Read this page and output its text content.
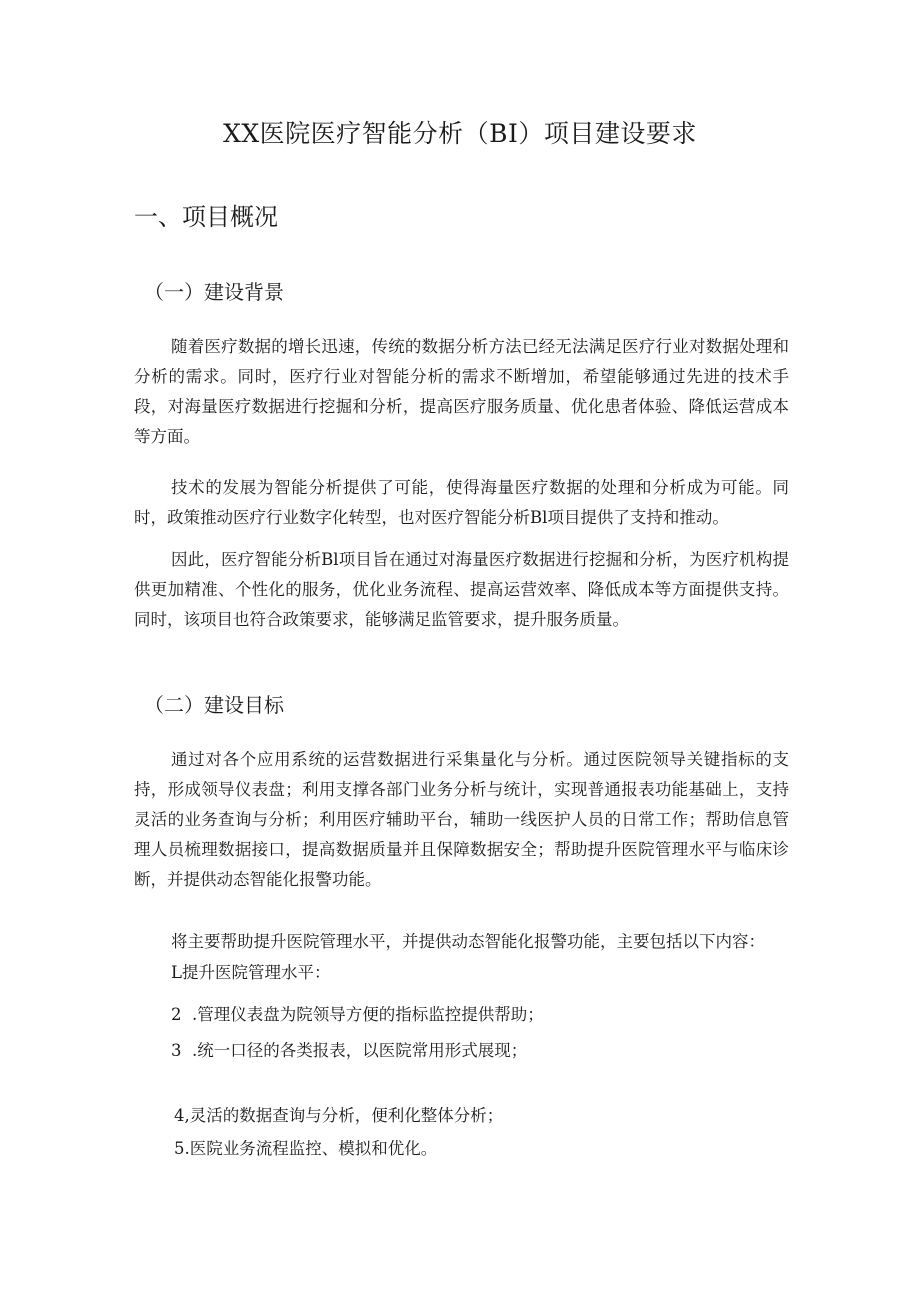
XX医院医疗智能分析（BI）项目建设要求
一、项目概况
（一）建设背景

随着医疗数据的增长迅速，传统的数据分析方法已经无法满足医疗行业对数据处理和分析的需求。同时，医疗行业对智能分析的需求不断增加，希望能够通过先进的技术手段，对海量医疗数据进行挖掘和分析，提高医疗服务质量、优化患者体验、降低运营成本等方面。

技术的发展为智能分析提供了可能，使得海量医疗数据的处理和分析成为可能。同时，政策推动医疗行业数字化转型，也对医疗智能分析Bl项目提供了支持和推动。

因此，医疗智能分析Bl项目旨在通过对海量医疗数据进行挖掘和分析，为医疗机构提供更加精准、个性化的服务，优化业务流程、提高运营效率、降低成本等方面提供支持。同时，该项目也符合政策要求，能够满足监管要求，提升服务质量。

（二）建设目标

通过对各个应用系统的运营数据进行采集量化与分析。通过医院领导关键指标的支持，形成领导仪表盘；利用支撑各部门业务分析与统计，实现普通报表功能基础上，支持灵活的业务查询与分析；利用医疗辅助平台，辅助一线医护人员的日常工作；帮助信息管理人员梳理数据接口，提高数据质量并且保障数据安全；帮助提升医院管理水平与临床诊断，并提供动态智能化报警功能。

将主要帮助提升医院管理水平，并提供动态智能化报警功能，主要包括以下内容：

L提升医院管理水平：

2  .管理仪表盘为院领导方便的指标监控提供帮助；

3  .统一口径的各类报表，以医院常用形式展现；

4,灵活的数据查询与分析，便利化整体分析；

5.医院业务流程监控、模拟和优化。
